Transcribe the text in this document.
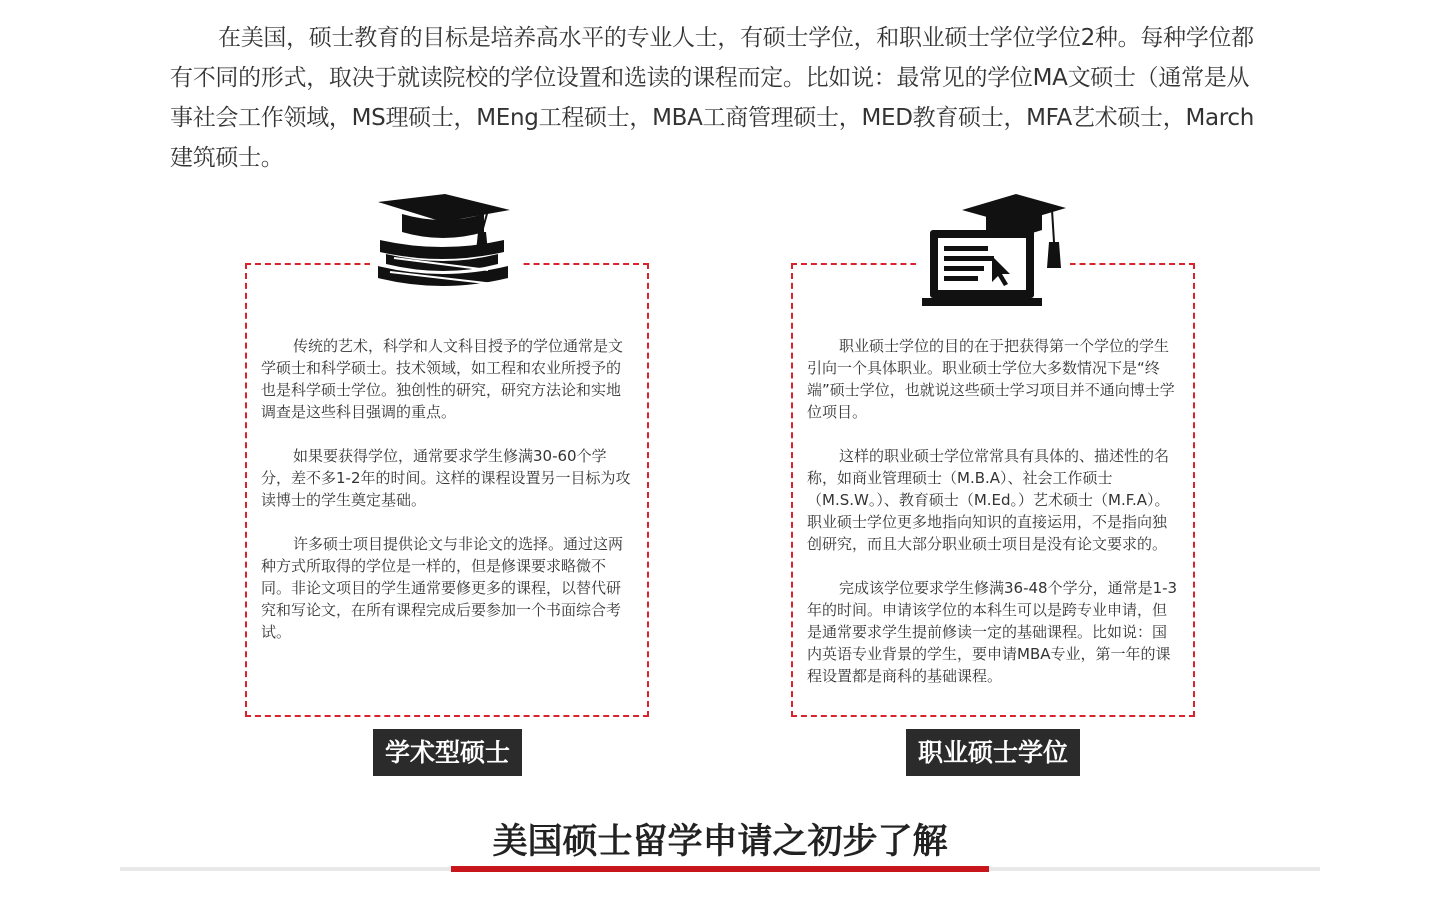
在美国，硕士教育的目标是培养高水平的专业人士，有硕士学位，和职业硕士学位学位2种。每种学位都有不同的形式，取决于就读院校的学位设置和选读的课程而定。比如说：最常见的学位MA文硕士（通常是从事社会工作领域，MS理硕士，MEng工程硕士，MBA工商管理硕士，MED教育硕士，MFA艺术硕士，March建筑硕士。

传统的艺术，科学和人文科目授予的学位通常是文学硕士和科学硕士。技术领域，如工程和农业所授予的也是科学硕士学位。独创性的研究，研究方法论和实地调查是这些科目强调的重点。

如果要获得学位，通常要求学生修满30-60个学分，差不多1-2年的时间。这样的课程设置另一目标为攻读博士的学生奠定基础。

许多硕士项目提供论文与非论文的选择。通过这两种方式所取得的学位是一样的，但是修课要求略微不同。非论文项目的学生通常要修更多的课程，以替代研究和写论文，在所有课程完成后要参加一个书面综合考试。

学术型硕士

职业硕士学位的目的在于把获得第一个学位的学生引向一个具体职业。职业硕士学位大多数情况下是“终端”硕士学位，也就说这些硕士学习项目并不通向博士学位项目。

这样的职业硕士学位常常具有具体的、描述性的名称，如商业管理硕士（M.B.A）、社会工作硕士（M.S.W。）、教育硕士（M.Ed。）艺术硕士（M.F.A）。职业硕士学位更多地指向知识的直接运用，不是指向独创研究，而且大部分职业硕士项目是没有论文要求的。

完成该学位要求学生修满36-48个学分，通常是1-3年的时间。申请该学位的本科生可以是跨专业申请，但是通常要求学生提前修读一定的基础课程。比如说：国内英语专业背景的学生，要申请MBA专业，第一年的课程设置都是商科的基础课程。

职业硕士学位
美国硕士留学申请之初步了解
